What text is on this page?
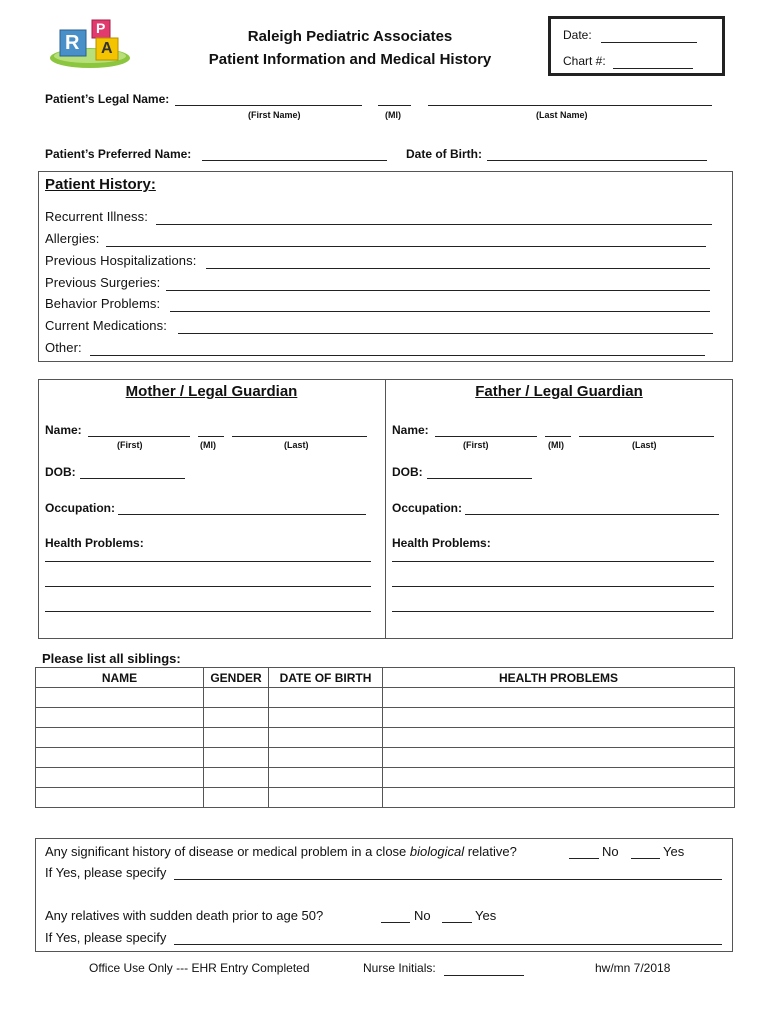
R
P
A
Raleigh Pediatric Associates
Patient Information and Medical History
Date:
Chart #:
Patient’s Legal Name:
(First Name)	(MI)	(Last Name)
Patient’s Preferred Name:	Date of Birth:
Patient History:
Recurrent Illness:
Allergies:
Previous Hospitalizations:
Previous Surgeries:
Behavior Problems:
Current Medications:
Other:
Mother / Legal Guardian	Father / Legal Guardian
Name:
(First)	(MI)	(Last)
DOB:
Occupation:
Health Problems:
Name:
(First)	(MI)	(Last)
DOB:
Occupation:
Health Problems:
Please list all siblings:
NAME	GENDER	DATE OF BIRTH	HEALTH PROBLEMS

Any significant history of disease or medical problem in a close biological relative?	No	Yes
If Yes, please specify
Any relatives with sudden death prior to age 50?	No	Yes
If Yes, please specify
Office Use Only --- EHR Entry Completed	Nurse Initials:	hw/mn 7/2018
